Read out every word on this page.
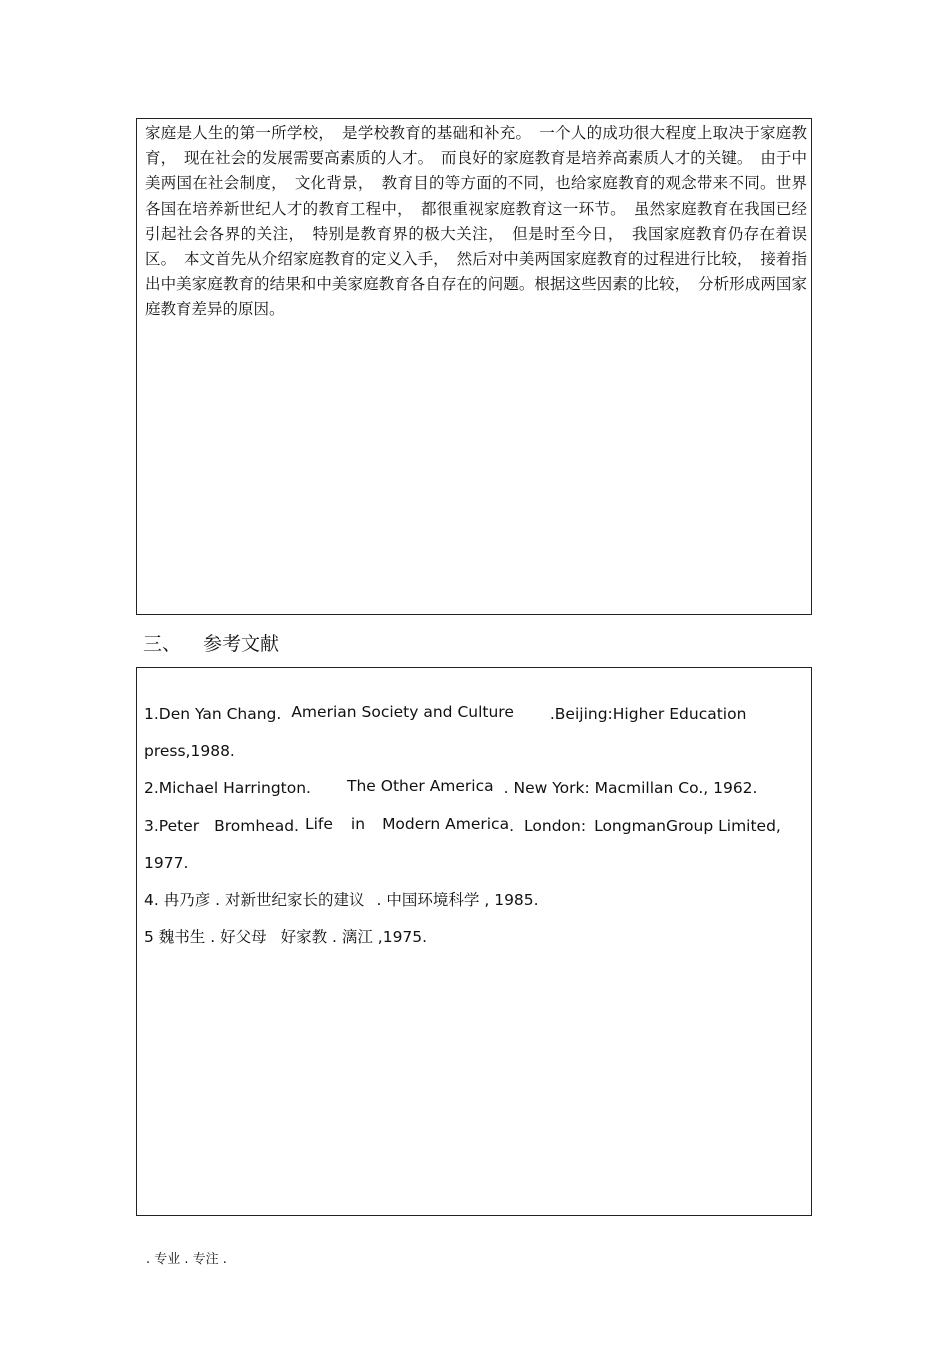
家庭是人生的第一所学校，　是学校教育的基础和补充。　一个人的成功很大程度上取决于家庭教育，　现在社会的发展需要高素质的人才。　而良好的家庭教育是培养高素质人才的关键。　由于中美两国在社会制度，　文化背景，　教育目的等方面的不同，也给家庭教育的观念带来不同。世界各国在培养新世纪人才的教育工程中，　都很重视家庭教育这一环节。　虽然家庭教育在我国已经引起社会各界的关注，　特别是教育界的极大关注，　但是时至今日，　我国家庭教育仍存在着误区。　本文首先从介绍家庭教育的定义入手，　然后对中美两国家庭教育的过程进行比较，　接着指出中美家庭教育的结果和中美家庭教育各自存在的问题。根据这些因素的比较，　分析形成两国家庭教育差异的原因。

三、 参考文献
1.Den Yan Chang. Amerian Society and Culture .Beijing:Higher Education
press,1988.
2.Michael Harrington. The Other America . New York: Macmillan Co., 1962.
3.Peter Bromhead. Life in Modern America. London: LongmanGroup Limited,
1977.
4. 冉乃彦 . 对新世纪家长的建议 . 中国环境科学 , 1985.
5 魏书生 . 好父母 好家教 . 漓江 ,1975.
. 专业 . 专注 .
